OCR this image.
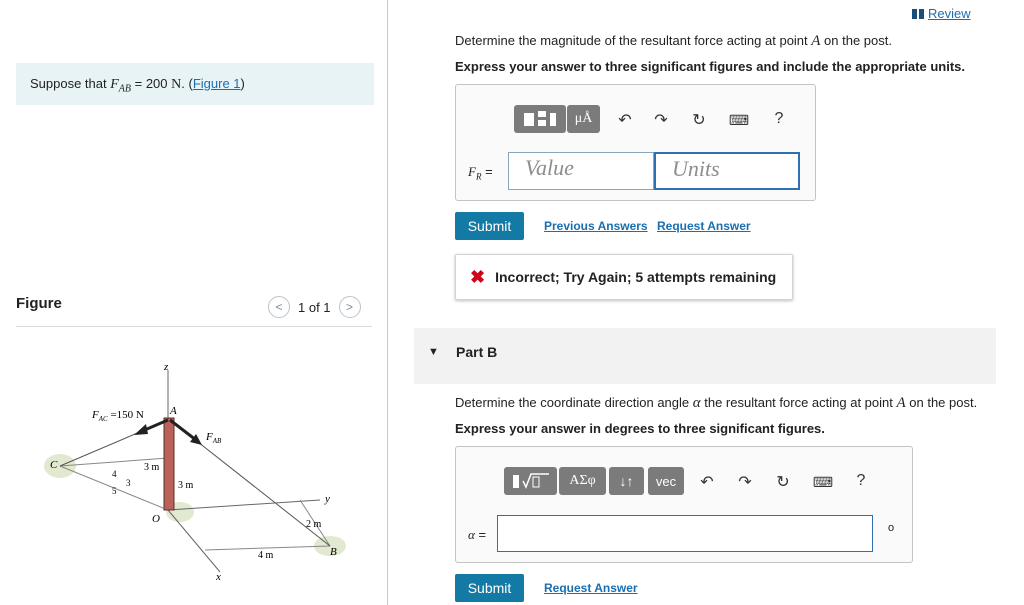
Suppose that $F_{AB} = 200$ N. (Figure 1)
Figure	<	1 of 1	>
z
$F_{AC} =150$ N A
$F_{AB}$
C	3 m
3 m
4
3
5
O
y
2 m
4 m	B
x
Review
Determine the magnitude of the resultant force acting at point A on the post.
Express your answer to three significant figures and include the appropriate units.
μÅ	↶ ↷ ↻	⌨	?
$F_R$ =	Value	Units
Submit	Previous Answers Request Answer
✖ Incorrect; Try Again; 5 attempts remaining
▼ Part B
Determine the coordinate direction angle α the resultant force acting at point A on the post.
Express your answer in degrees to three significant figures.
ΑΣφ	↓↑	vec	↶ ↷ ↻	⌨	?
α =	o
Submit	Request Answer
